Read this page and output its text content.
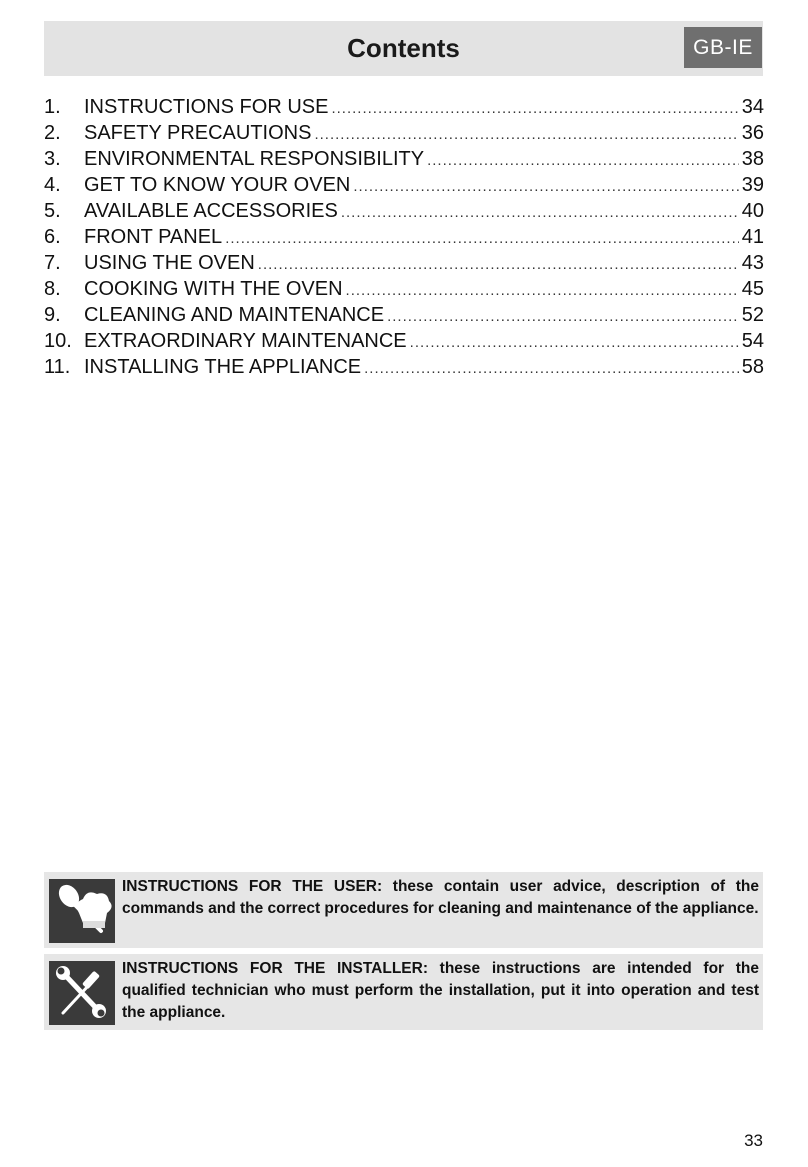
Contents	GB-IE
1.	INSTRUCTIONS FOR USE .....	34
2.	SAFETY PRECAUTIONS .....	36
3.	ENVIRONMENTAL RESPONSIBILITY .....	38
4.	GET TO KNOW YOUR OVEN .....	39
5.	AVAILABLE ACCESSORIES .....	40
6.	FRONT PANEL .....	41
7.	USING THE OVEN .....	43
8.	COOKING WITH THE OVEN .....	45
9.	CLEANING AND MAINTENANCE .....	52
10. EXTRAORDINARY MAINTENANCE .....	54
11. INSTALLING THE APPLIANCE .....	58
INSTRUCTIONS FOR THE USER: these contain user advice, description of the commands and the correct procedures for cleaning and maintenance of the appliance.
INSTRUCTIONS FOR THE INSTALLER: these instructions are intended for the qualified technician who must perform the installation, put it into operation and test the appliance.
33
